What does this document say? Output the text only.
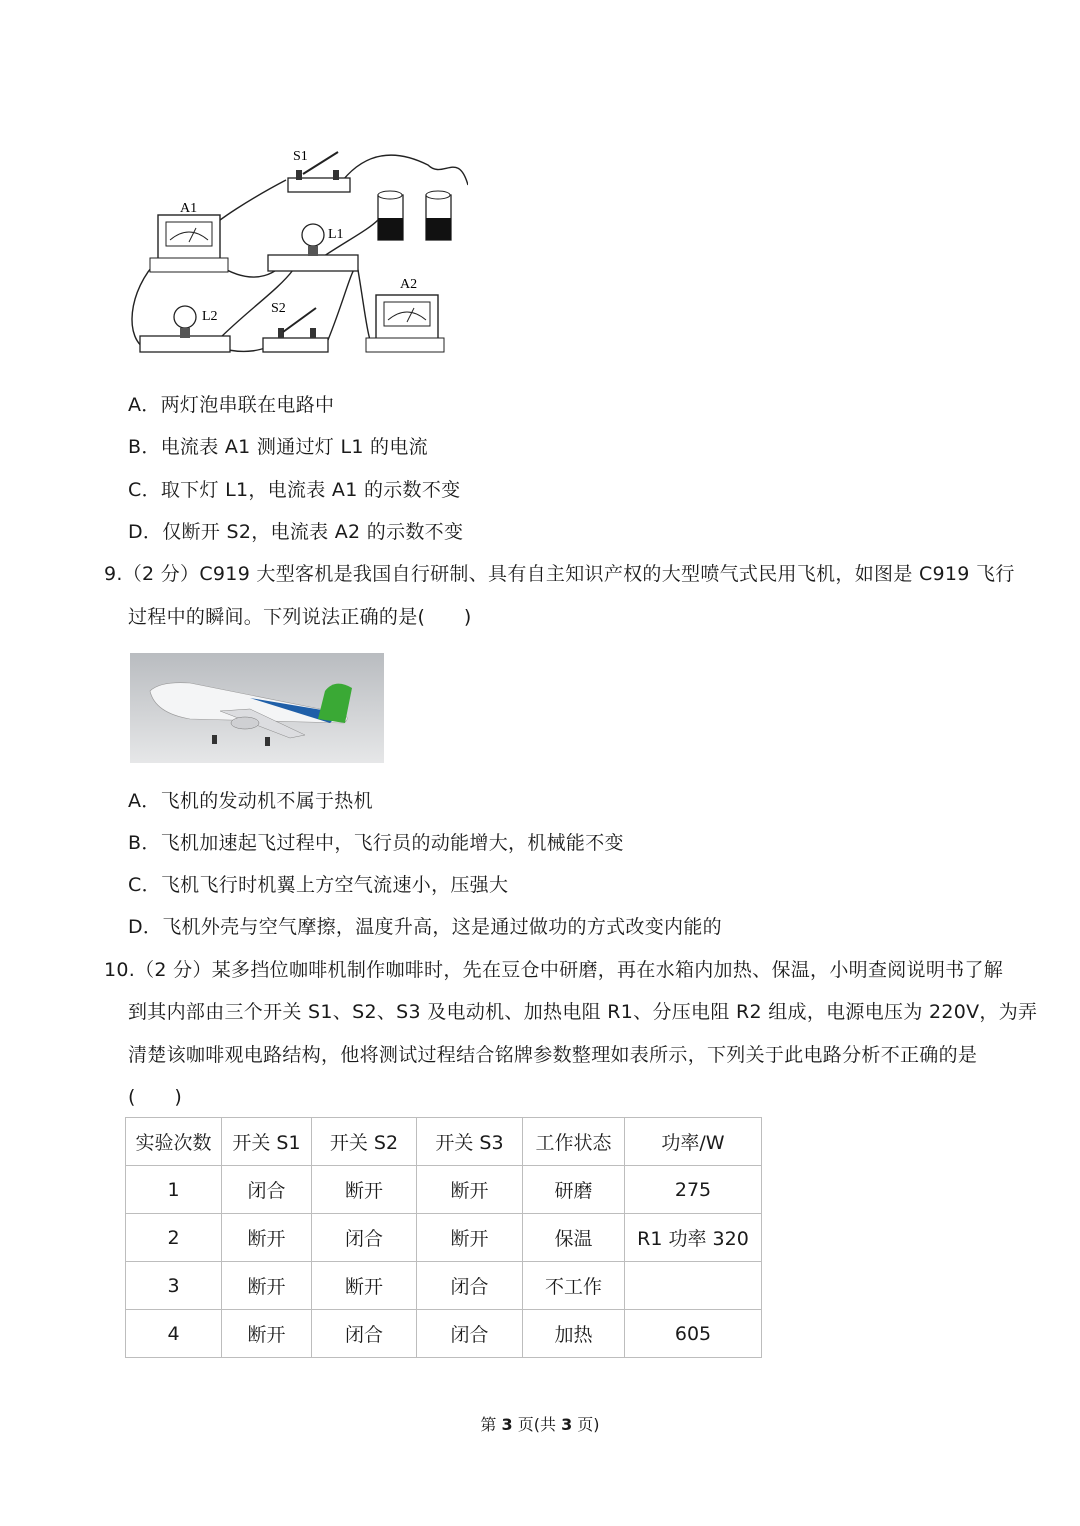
S1
A1
L1
A2
L2
S2
A．两灯泡串联在电路中
B．电流表 A1 测通过灯 L1 的电流
C．取下灯 L1，电流表 A1 的示数不变
D．仅断开 S2，电流表 A2 的示数不变
9.（2 分）C919 大型客机是我国自行研制、具有自主知识产权的大型喷气式民用飞机，如图是 C919 飞行
过程中的瞬间。下列说法正确的是(　　)
A．飞机的发动机不属于热机
B．飞机加速起飞过程中，飞行员的动能增大，机械能不变
C．飞机飞行时机翼上方空气流速小，压强大
D．飞机外壳与空气摩擦，温度升高，这是通过做功的方式改变内能的
10.（2 分）某多挡位咖啡机制作咖啡时，先在豆仓中研磨，再在水箱内加热、保温，小明查阅说明书了解
到其内部由三个开关 S1、S2、S3 及电动机、加热电阻 R1、分压电阻 R2 组成，电源电压为 220V，为弄
清楚该咖啡观电路结构，他将测试过程结合铭牌参数整理如表所示，下列关于此电路分析不正确的是
(　　)
实验次数	开关 S1	开关 S2	开关 S3	工作状态	功率/W
1	闭合	断开	断开	研磨	275
2	断开	闭合	断开	保温	R1 功率 320
3	断开	断开	闭合	不工作	
4	断开	闭合	闭合	加热	605
第 3 页(共 3 页)
